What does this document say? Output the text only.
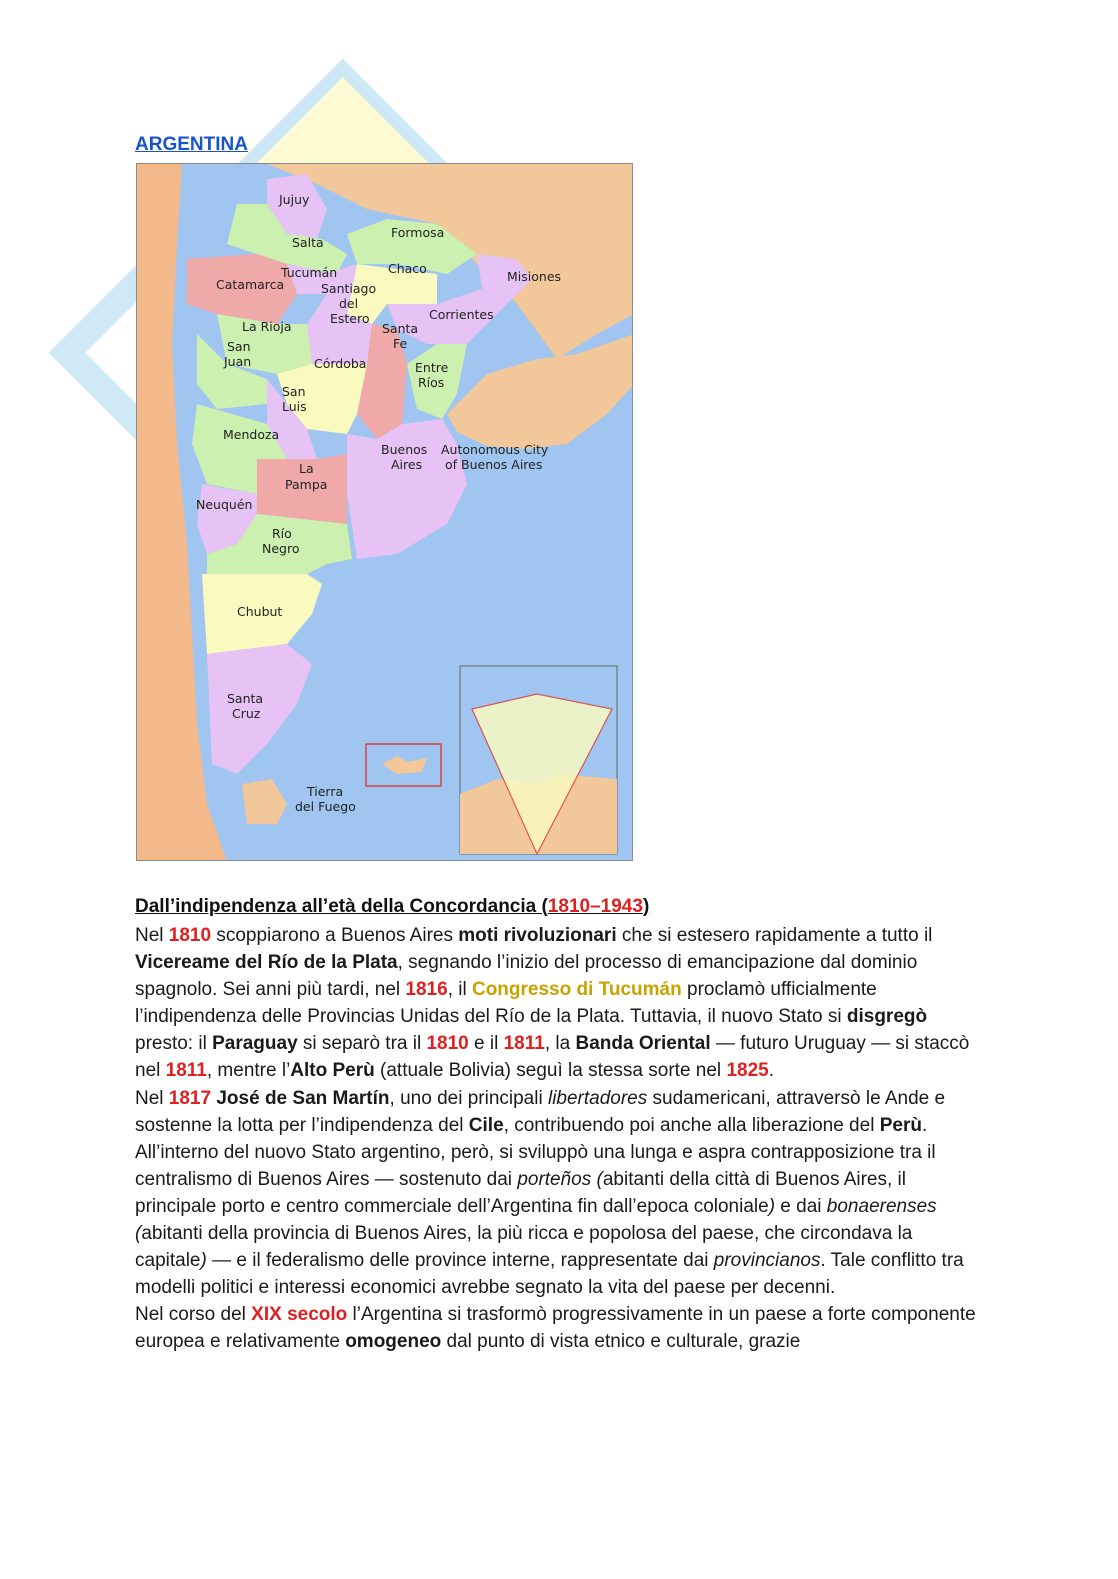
ARGENTINA
Jujuy
Salta
Formosa
Tucumán	Chaco
Misiones
Catamarca	Santiago
del
Estero	Corrientes
La Rioja	Santa
Fe
San
Juan	Córdoba	Entre
Ríos
San
Luis
Mendoza
Buenos
Aires
Autonomous City
of Buenos Aires
La
Pampa
Neuquén
Río
Negro
Chubut
Santa
Cruz
Tierra
del Fuego
Dall’indipendenza all’età della Concordancia (1810–1943)

Nel 1810 scoppiarono a Buenos Aires moti rivoluzionari che si estesero rapidamente a tutto il Vicereame del Río de la Plata, segnando l’inizio del processo di emancipazione dal dominio spagnolo. Sei anni più tardi, nel 1816, il Congresso di Tucumán proclamò ufficialmente l’indipendenza delle Provincias Unidas del Río de la Plata. Tuttavia, il nuovo Stato si disgregò presto: il Paraguay si separò tra il 1810 e il 1811, la Banda Oriental — futuro Uruguay — si staccò nel 1811, mentre l’Alto Perù (attuale Bolivia) seguì la stessa sorte nel 1825.

Nel 1817 José de San Martín, uno dei principali libertadores sudamericani, attraversò le Ande e sostenne la lotta per l’indipendenza del Cile, contribuendo poi anche alla liberazione del Perù. All’interno del nuovo Stato argentino, però, si sviluppò una lunga e aspra contrapposizione tra il centralismo di Buenos Aires — sostenuto dai porteños (abitanti della città di Buenos Aires, il principale porto e centro commerciale dell’Argentina fin dall’epoca coloniale) e dai bonaerenses (abitanti della provincia di Buenos Aires, la più ricca e popolosa del paese, che circondava la capitale) — e il federalismo delle province interne, rappresentate dai provincianos. Tale conflitto tra modelli politici e interessi economici avrebbe segnato la vita del paese per decenni.

Nel corso del XIX secolo l’Argentina si trasformò progressivamente in un paese a forte componente europea e relativamente omogeneo dal punto di vista etnico e culturale, grazie
